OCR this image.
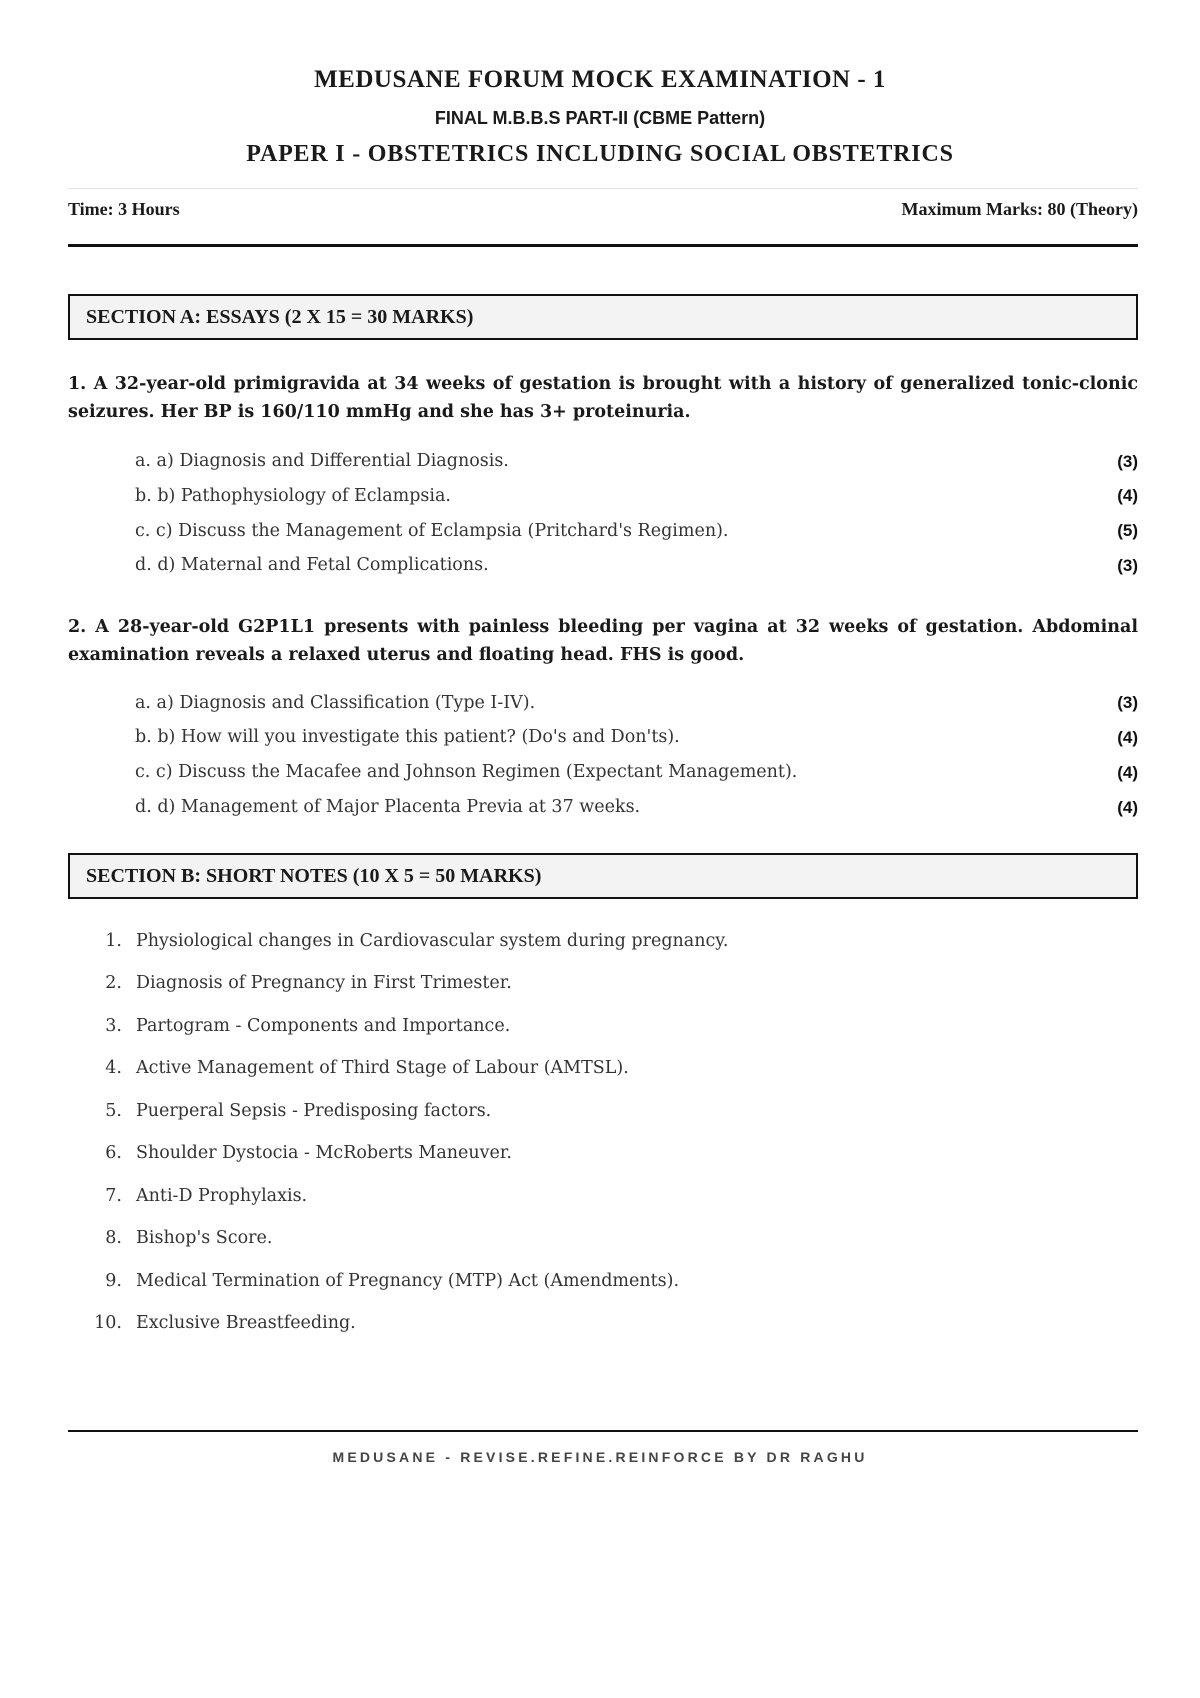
MEDUSANE FORUM MOCK EXAMINATION - 1
FINAL M.B.B.S PART-II (CBME Pattern)
PAPER I - OBSTETRICS INCLUDING SOCIAL OBSTETRICS
Time: 3 Hours	Maximum Marks: 80 (Theory)
SECTION A: ESSAYS (2 X 15 = 30 MARKS)
1. A 32-year-old primigravida at 34 weeks of gestation is brought with a history of generalized tonic-clonic seizures. Her BP is 160/110 mmHg and she has 3+ proteinuria.
a. a) Diagnosis and Differential Diagnosis.	(3)
b. b) Pathophysiology of Eclampsia.	(4)
c. c) Discuss the Management of Eclampsia (Pritchard's Regimen).	(5)
d. d) Maternal and Fetal Complications.	(3)
2. A 28-year-old G2P1L1 presents with painless bleeding per vagina at 32 weeks of gestation. Abdominal examination reveals a relaxed uterus and floating head. FHS is good.
a. a) Diagnosis and Classification (Type I-IV).	(3)
b. b) How will you investigate this patient? (Do's and Don'ts).	(4)
c. c) Discuss the Macafee and Johnson Regimen (Expectant Management).	(4)
d. d) Management of Major Placenta Previa at 37 weeks.	(4)
SECTION B: SHORT NOTES (10 X 5 = 50 MARKS)
1. Physiological changes in Cardiovascular system during pregnancy.
2. Diagnosis of Pregnancy in First Trimester.
3. Partogram - Components and Importance.
4. Active Management of Third Stage of Labour (AMTSL).
5. Puerperal Sepsis - Predisposing factors.
6. Shoulder Dystocia - McRoberts Maneuver.
7. Anti-D Prophylaxis.
8. Bishop's Score.
9. Medical Termination of Pregnancy (MTP) Act (Amendments).
10. Exclusive Breastfeeding.
MEDUSANE - REVISE.REFINE.REINFORCE BY DR RAGHU
